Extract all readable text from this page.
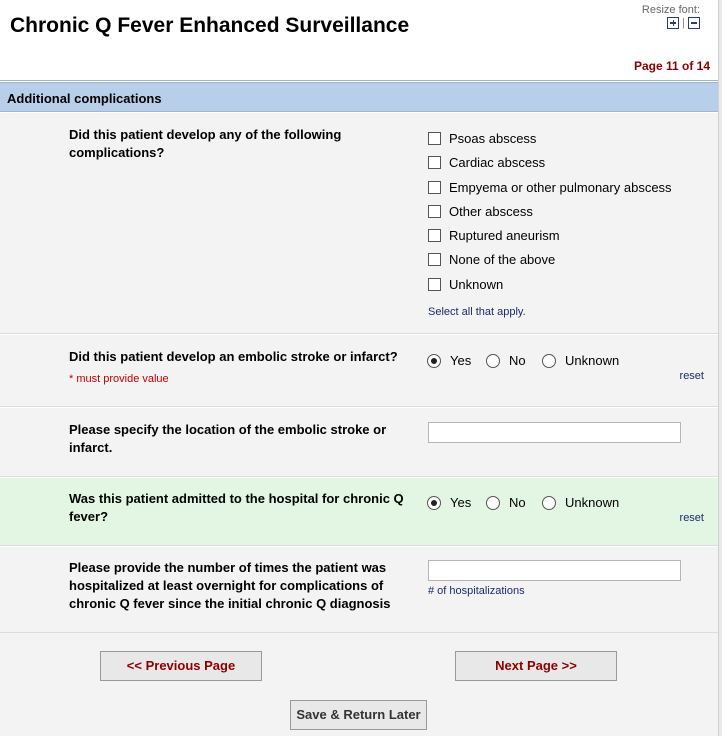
Chronic Q Fever Enhanced Surveillance
Resize font:
|
Page 11 of 14
Additional complications
Did this patient develop any of the following complications?
Psoas abscess
Cardiac abscess
Empyema or other pulmonary abscess
Other abscess
Ruptured aneurism
None of the above
Unknown
Select all that apply.
Did this patient develop an embolic stroke or infarct?
* must provide value
Yes	No	Unknown
reset
Please specify the location of the embolic stroke or infarct.
Was this patient admitted to the hospital for chronic Q fever?
Yes	No	Unknown
reset
Please provide the number of times the patient was hospitalized at least overnight for complications of chronic Q fever since the initial chronic Q diagnosis
# of hospitalizations
<< Previous Page	Next Page >>
Save & Return Later
